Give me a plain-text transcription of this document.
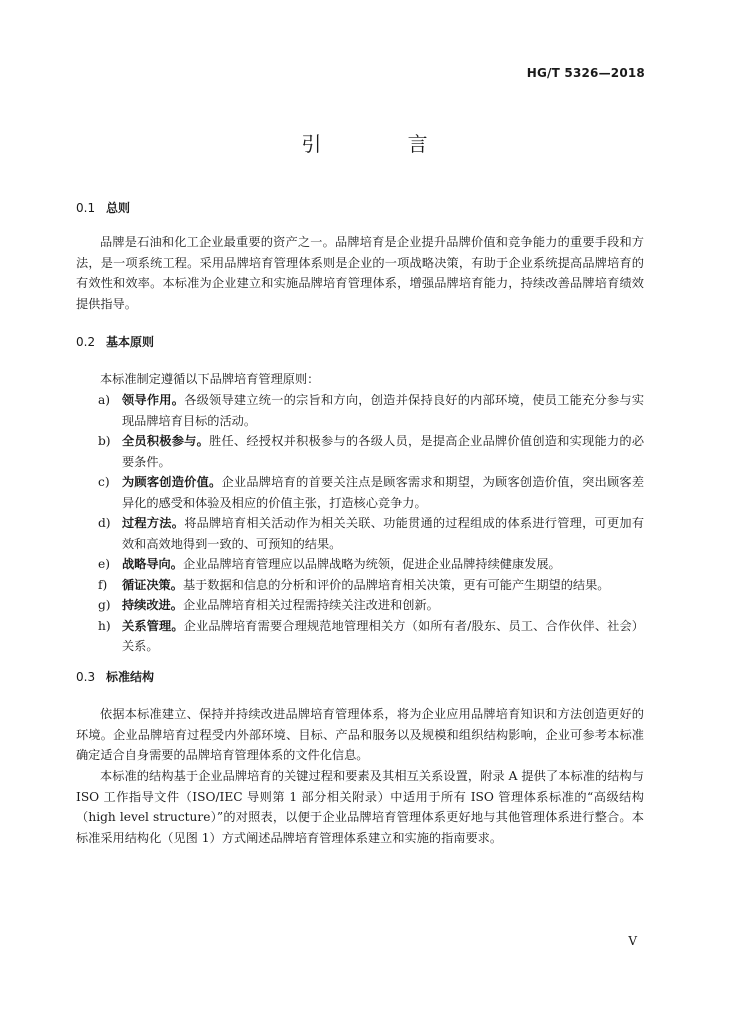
HG/T 5326—2018
引 言
0.1 总则

品牌是石油和化工企业最重要的资产之一。品牌培育是企业提升品牌价值和竞争能力的重要手段和方法，是一项系统工程。采用品牌培育管理体系则是企业的一项战略决策，有助于企业系统提高品牌培育的有效性和效率。本标准为企业建立和实施品牌培育管理体系，增强品牌培育能力，持续改善品牌培育绩效提供指导。

0.2 基本原则

本标准制定遵循以下品牌培育管理原则：

a) 领导作用。各级领导建立统一的宗旨和方向，创造并保持良好的内部环境，使员工能充分参与实现品牌培育目标的活动。
b) 全员积极参与。胜任、经授权并积极参与的各级人员，是提高企业品牌价值创造和实现能力的必要条件。
c) 为顾客创造价值。企业品牌培育的首要关注点是顾客需求和期望，为顾客创造价值，突出顾客差异化的感受和体验及相应的价值主张，打造核心竞争力。
d) 过程方法。将品牌培育相关活动作为相关关联、功能贯通的过程组成的体系进行管理，可更加有效和高效地得到一致的、可预知的结果。
e) 战略导向。企业品牌培育管理应以品牌战略为统领，促进企业品牌持续健康发展。
f) 循证决策。基于数据和信息的分析和评价的品牌培育相关决策，更有可能产生期望的结果。
g) 持续改进。企业品牌培育相关过程需持续关注改进和创新。
h) 关系管理。企业品牌培育需要合理规范地管理相关方（如所有者/股东、员工、合作伙伴、社会）关系。
0.3 标准结构

依据本标准建立、保持并持续改进品牌培育管理体系，将为企业应用品牌培育知识和方法创造更好的环境。企业品牌培育过程受内外部环境、目标、产品和服务以及规模和组织结构影响，企业可参考本标准确定适合自身需要的品牌培育管理体系的文件化信息。

本标准的结构基于企业品牌培育的关键过程和要素及其相互关系设置，附录 A 提供了本标准的结构与 ISO 工作指导文件（ISO/IEC 导则第 1 部分相关附录）中适用于所有 ISO 管理体系标准的“高级结构（high level structure）”的对照表，以便于企业品牌培育管理体系更好地与其他管理体系进行整合。本标准采用结构化（见图 1）方式阐述品牌培育管理体系建立和实施的指南要求。

V
